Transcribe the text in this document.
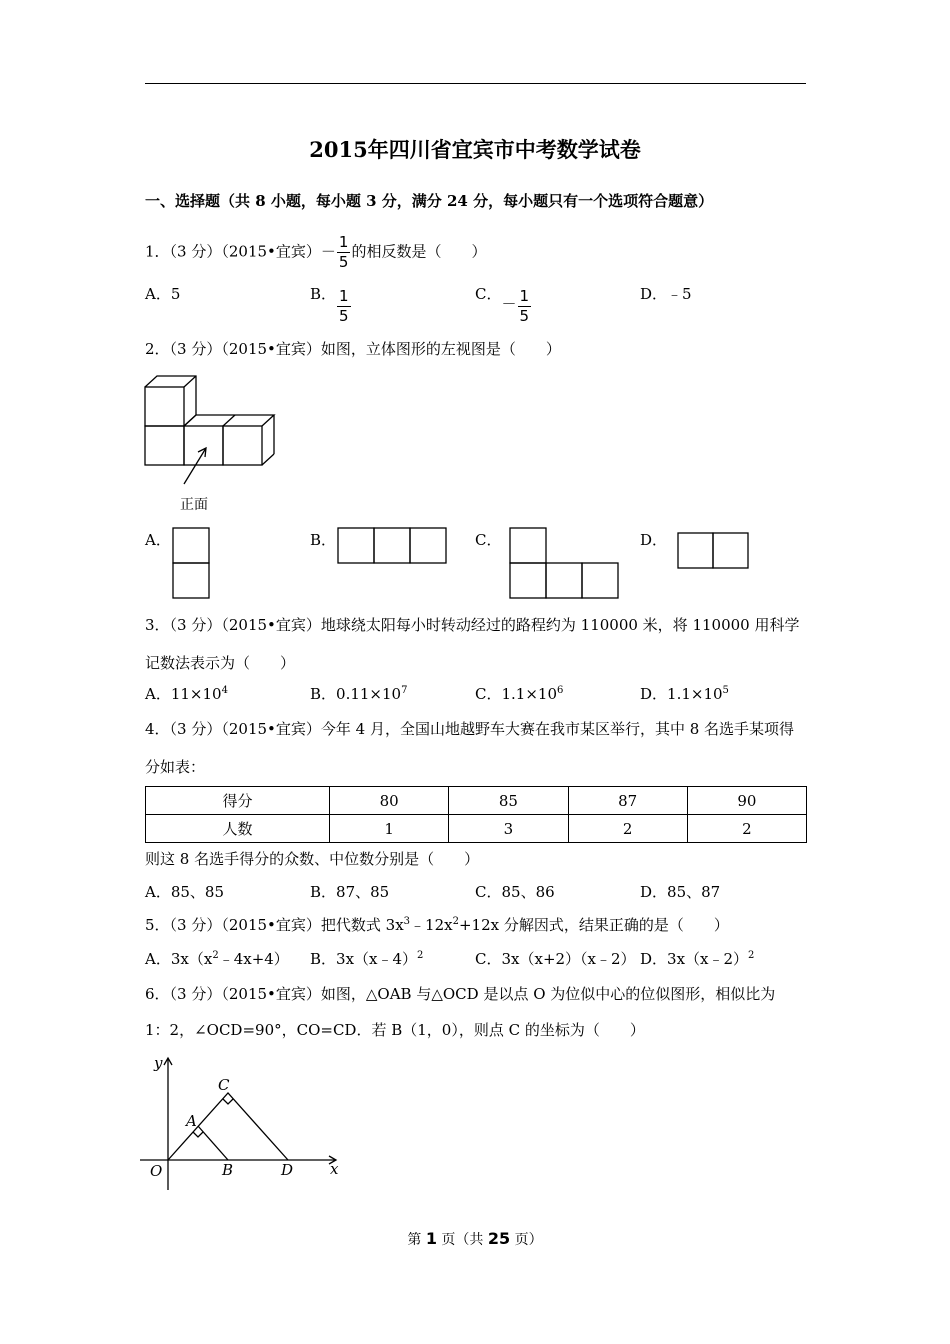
2015年四川省宜宾市中考数学试卷
一、选择题（共 8 小题，每小题 3 分，满分 24 分，每小题只有一个选项符合题意）
1．（3 分）（2015•宜宾）－ $\frac{1}{5}$ 的相反数是（　　）
A．5	B． $\frac{1}{5}$	C．－ $\frac{1}{5}$	D．﹣5
2．（3 分）（2015•宜宾）如图，立体图形的左视图是（　　）
正面
A．	B．	C．	D．
3．（3 分）（2015•宜宾）地球绕太阳每小时转动经过的路程约为 110000 米，将 110000 用科学
记数法表示为（　　）
A．$11\times 10^4$	B．$0.11\times 10^7$	C．$1.1\times 10^6$	D．$1.1\times 10^5$
4．（3 分）（2015•宜宾）今年 4 月，全国山地越野车大赛在我市某区举行，其中 8 名选手某项得
分如表：
得分	80	85	87	90
人数	1	3	2	2
则这 8 名选手得分的众数、中位数分别是（　　）
A．85、85	B．87、85	C．85、86	D．85、87
5．（3 分）（2015•宜宾）把代数式 $3x^3﹣12x^2+12x$ 分解因式，结果正确的是（　　）
A．$3x(x^2﹣4x+4)$ B．3x（x﹣4）$^2$	C．3x（x+2）（x﹣2） D．3x（x﹣2）$^2$
6．（3 分）（2015•宜宾）如图，△OAB 与△OCD 是以点 O 为位似中心的位似图形，相似比为
1：2，∠OCD=90°，CO=CD．若 B（1，0），则点 C 的坐标为（　　）
y
x
O
A
B
C
D
第 1 页（共 25 页）
